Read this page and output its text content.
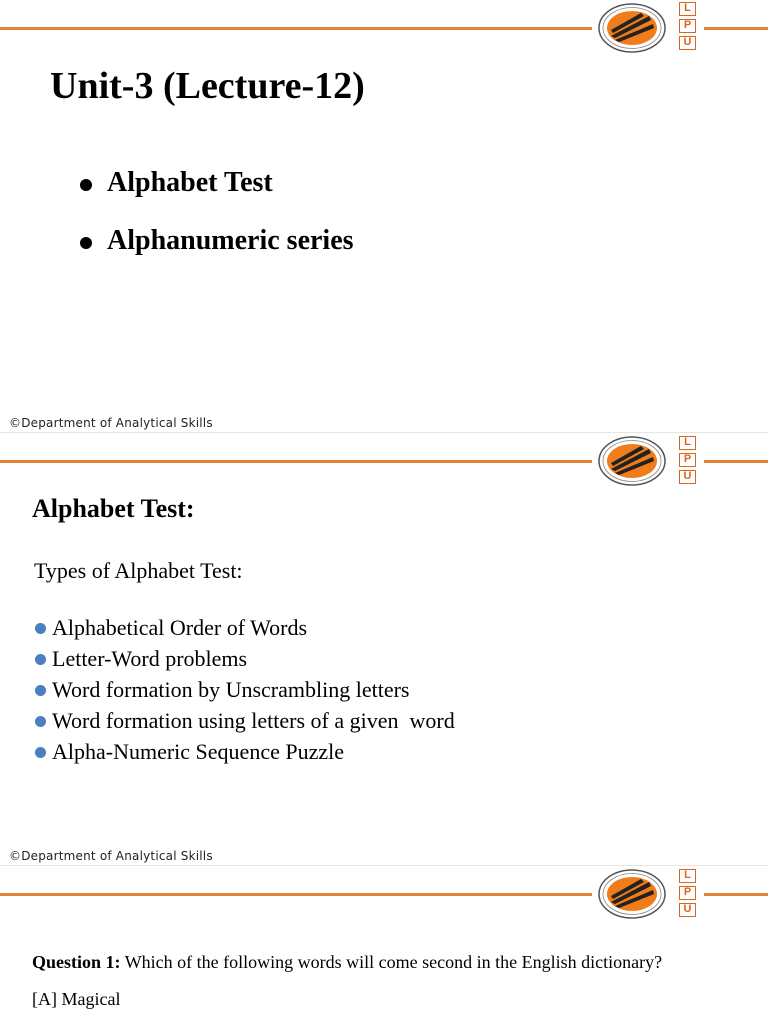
L
P
U
Unit-3 (Lecture-12)
Alphabet Test
Alphanumeric series
©Department of Analytical Skills
L
P
U
Alphabet Test:
Types of Alphabet Test:
Alphabetical Order of Words
Letter-Word problems
Word formation by Unscrambling letters
Word formation using letters of a given  word
Alpha-Numeric Sequence Puzzle
©Department of Analytical Skills
L
P
U
Question 1: Which of the following words will come second in the English dictionary?
[A] Magical
